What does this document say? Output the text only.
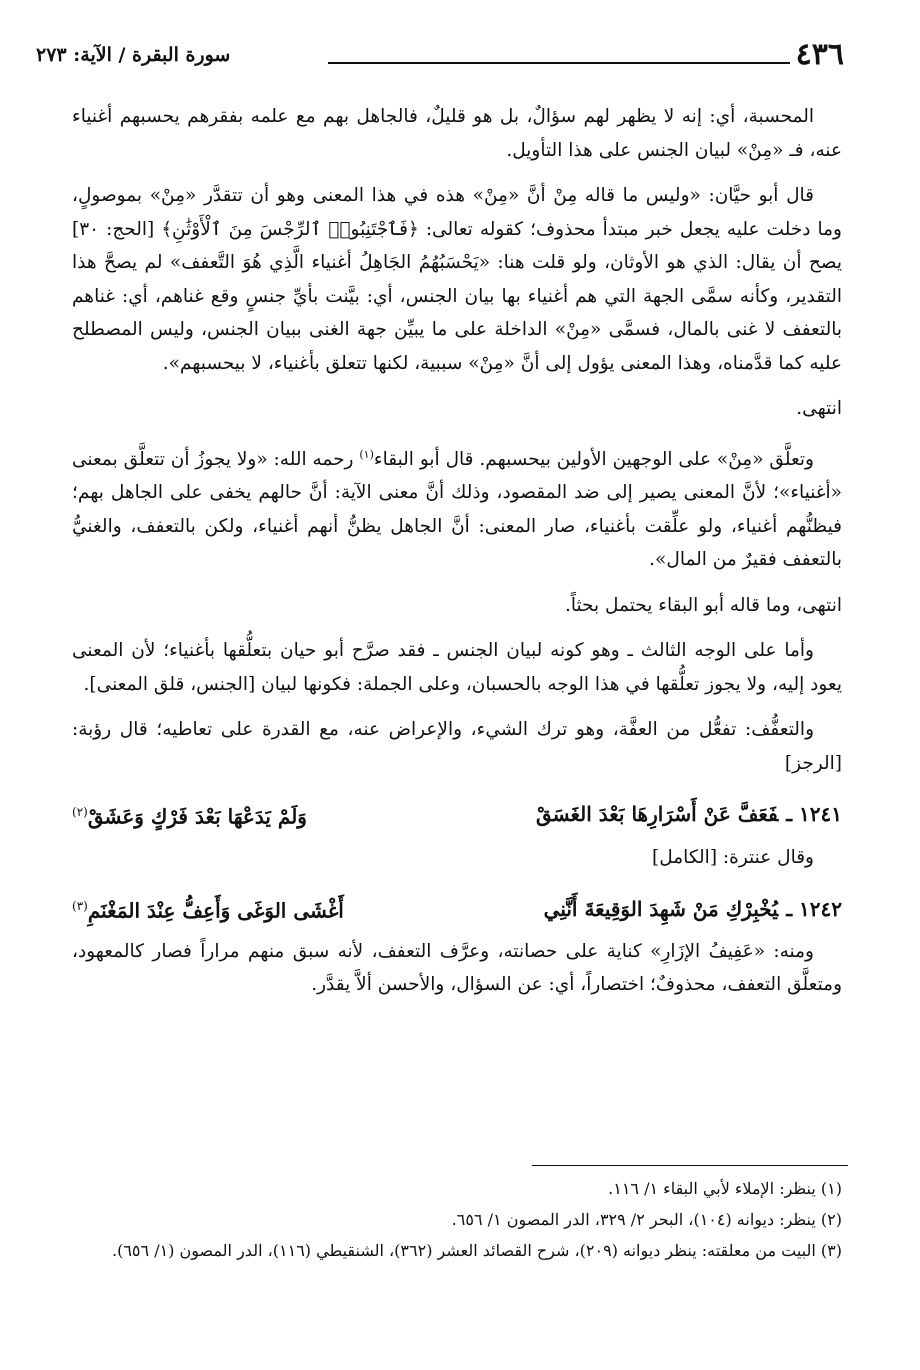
٤٣٦
سورة البقرة / الآية: ٢٧٣

المحسبة، أي: إنه لا يظهر لهم سؤالٌ، بل هو قليلٌ، فالجاهل بهم مع علمه بفقرهم يحسبهم أغنياء عنه، فـ «مِنْ» لبيان الجنس على هذا التأويل.

قال أبو حيَّان: «وليس ما قاله مِنْ أنَّ «مِنْ» هذه في هذا المعنى وهو أن تتقدَّر «مِنْ» بموصولٍ، وما دخلت عليه يجعل خبر مبتدأ محذوف؛ كقوله تعالى: ﴿فَٱجْتَنِبُوا۟ ٱلرِّجْسَ مِنَ ٱلْأَوْثَٰنِ﴾ [الحج: ٣٠] يصح أن يقال: الذي هو الأوثان، ولو قلت هنا: «يَحْسَبُهُمُ الجَاهِلُ أغنياء الَّذِي هُوَ التَّعفف» لم يصحَّ هذا التقدير، وكأنه سمَّى الجهة التي هم أغنياء بها بيان الجنس، أي: بيَّنت بأيِّ جنسٍ وقع غناهم، أي: غناهم بالتعفف لا غنى بالمال، فسمَّى «مِنْ» الداخلة على ما يبيِّن جهة الغنى ببيان الجنس، وليس المصطلح عليه كما قدَّمناه، وهذا المعنى يؤول إلى أنَّ «مِنْ» سببية، لكنها تتعلق بأغنياء، لا بيحسبهم».

انتهى.

وتعلَّق «مِنْ» على الوجهين الأولين بيحسبهم. قال أبو البقاء$^{(١)}$ رحمه الله: «ولا يجوزُ أن تتعلَّق بمعنى «أغنياء»؛ لأنَّ المعنى يصير إلى ضد المقصود، وذلك أنَّ معنى الآية: أنَّ حالهم يخفى على الجاهل بهم؛ فيظنُّهم أغنياء، ولو علِّقت بأغنياء، صار المعنى: أنَّ الجاهل يظنُّ أنهم أغنياء، ولكن بالتعفف، والغنيُّ بالتعفف فقيرٌ من المال».

انتهى، وما قاله أبو البقاء يحتمل بحثاً.

وأما على الوجه الثالث ـ وهو كونه لبيان الجنس ـ فقد صرَّح أبو حيان بتعلُّقها بأغنياء؛ لأن المعنى يعود إليه، ولا يجوز تعلُّقها في هذا الوجه بالحسبان، وعلى الجملة: فكونها لبيان [الجنس، قلق المعنى].

والتعفُّف: تفعُّل من العفَّة، وهو ترك الشيء، والإعراض عنه، مع القدرة على تعاطيه؛ قال رؤبة: [الرجز]

١٢٤١ ـفَعَفَّ عَنْ أَسْرَارِهَا بَعْدَ الغَسَقْ
وَلَمْ يَدَعْهَا بَعْدَ فَرْكٍ وَعَشَقْ$^{(٢)}$

وقال عنترة: [الكامل]

١٢٤٢ ـيُخْبِرْكِ مَنْ شَهِدَ الوَقِيعَةَ أَنَّنِي
أَغْشَى الوَغَى وَأَعِفُّ عِنْدَ المَغْنَمِ$^{(٣)}$

ومنه: «عَفِيفُ الإزَارِ» كناية على حصانته، وعرَّف التعفف، لأنه سبق منهم مراراً فصار كالمعهود، ومتعلَّق التعفف، محذوفٌ؛ اختصاراً، أي: عن السؤال، والأحسن ألاَّ يقدَّر.

(١) ينظر: الإملاء لأبي البقاء ١/ ١١٦.
(٢) ينظر: ديوانه (١٠٤)، البحر ٢/ ٣٢٩، الدر المصون ١/ ٦٥٦.
(٣) البيت من معلقته: ينظر ديوانه (٢٠٩)، شرح القصائد العشر (٣٦٢)، الشنقيطي (١١٦)، الدر المصون (١/ ٦٥٦).
